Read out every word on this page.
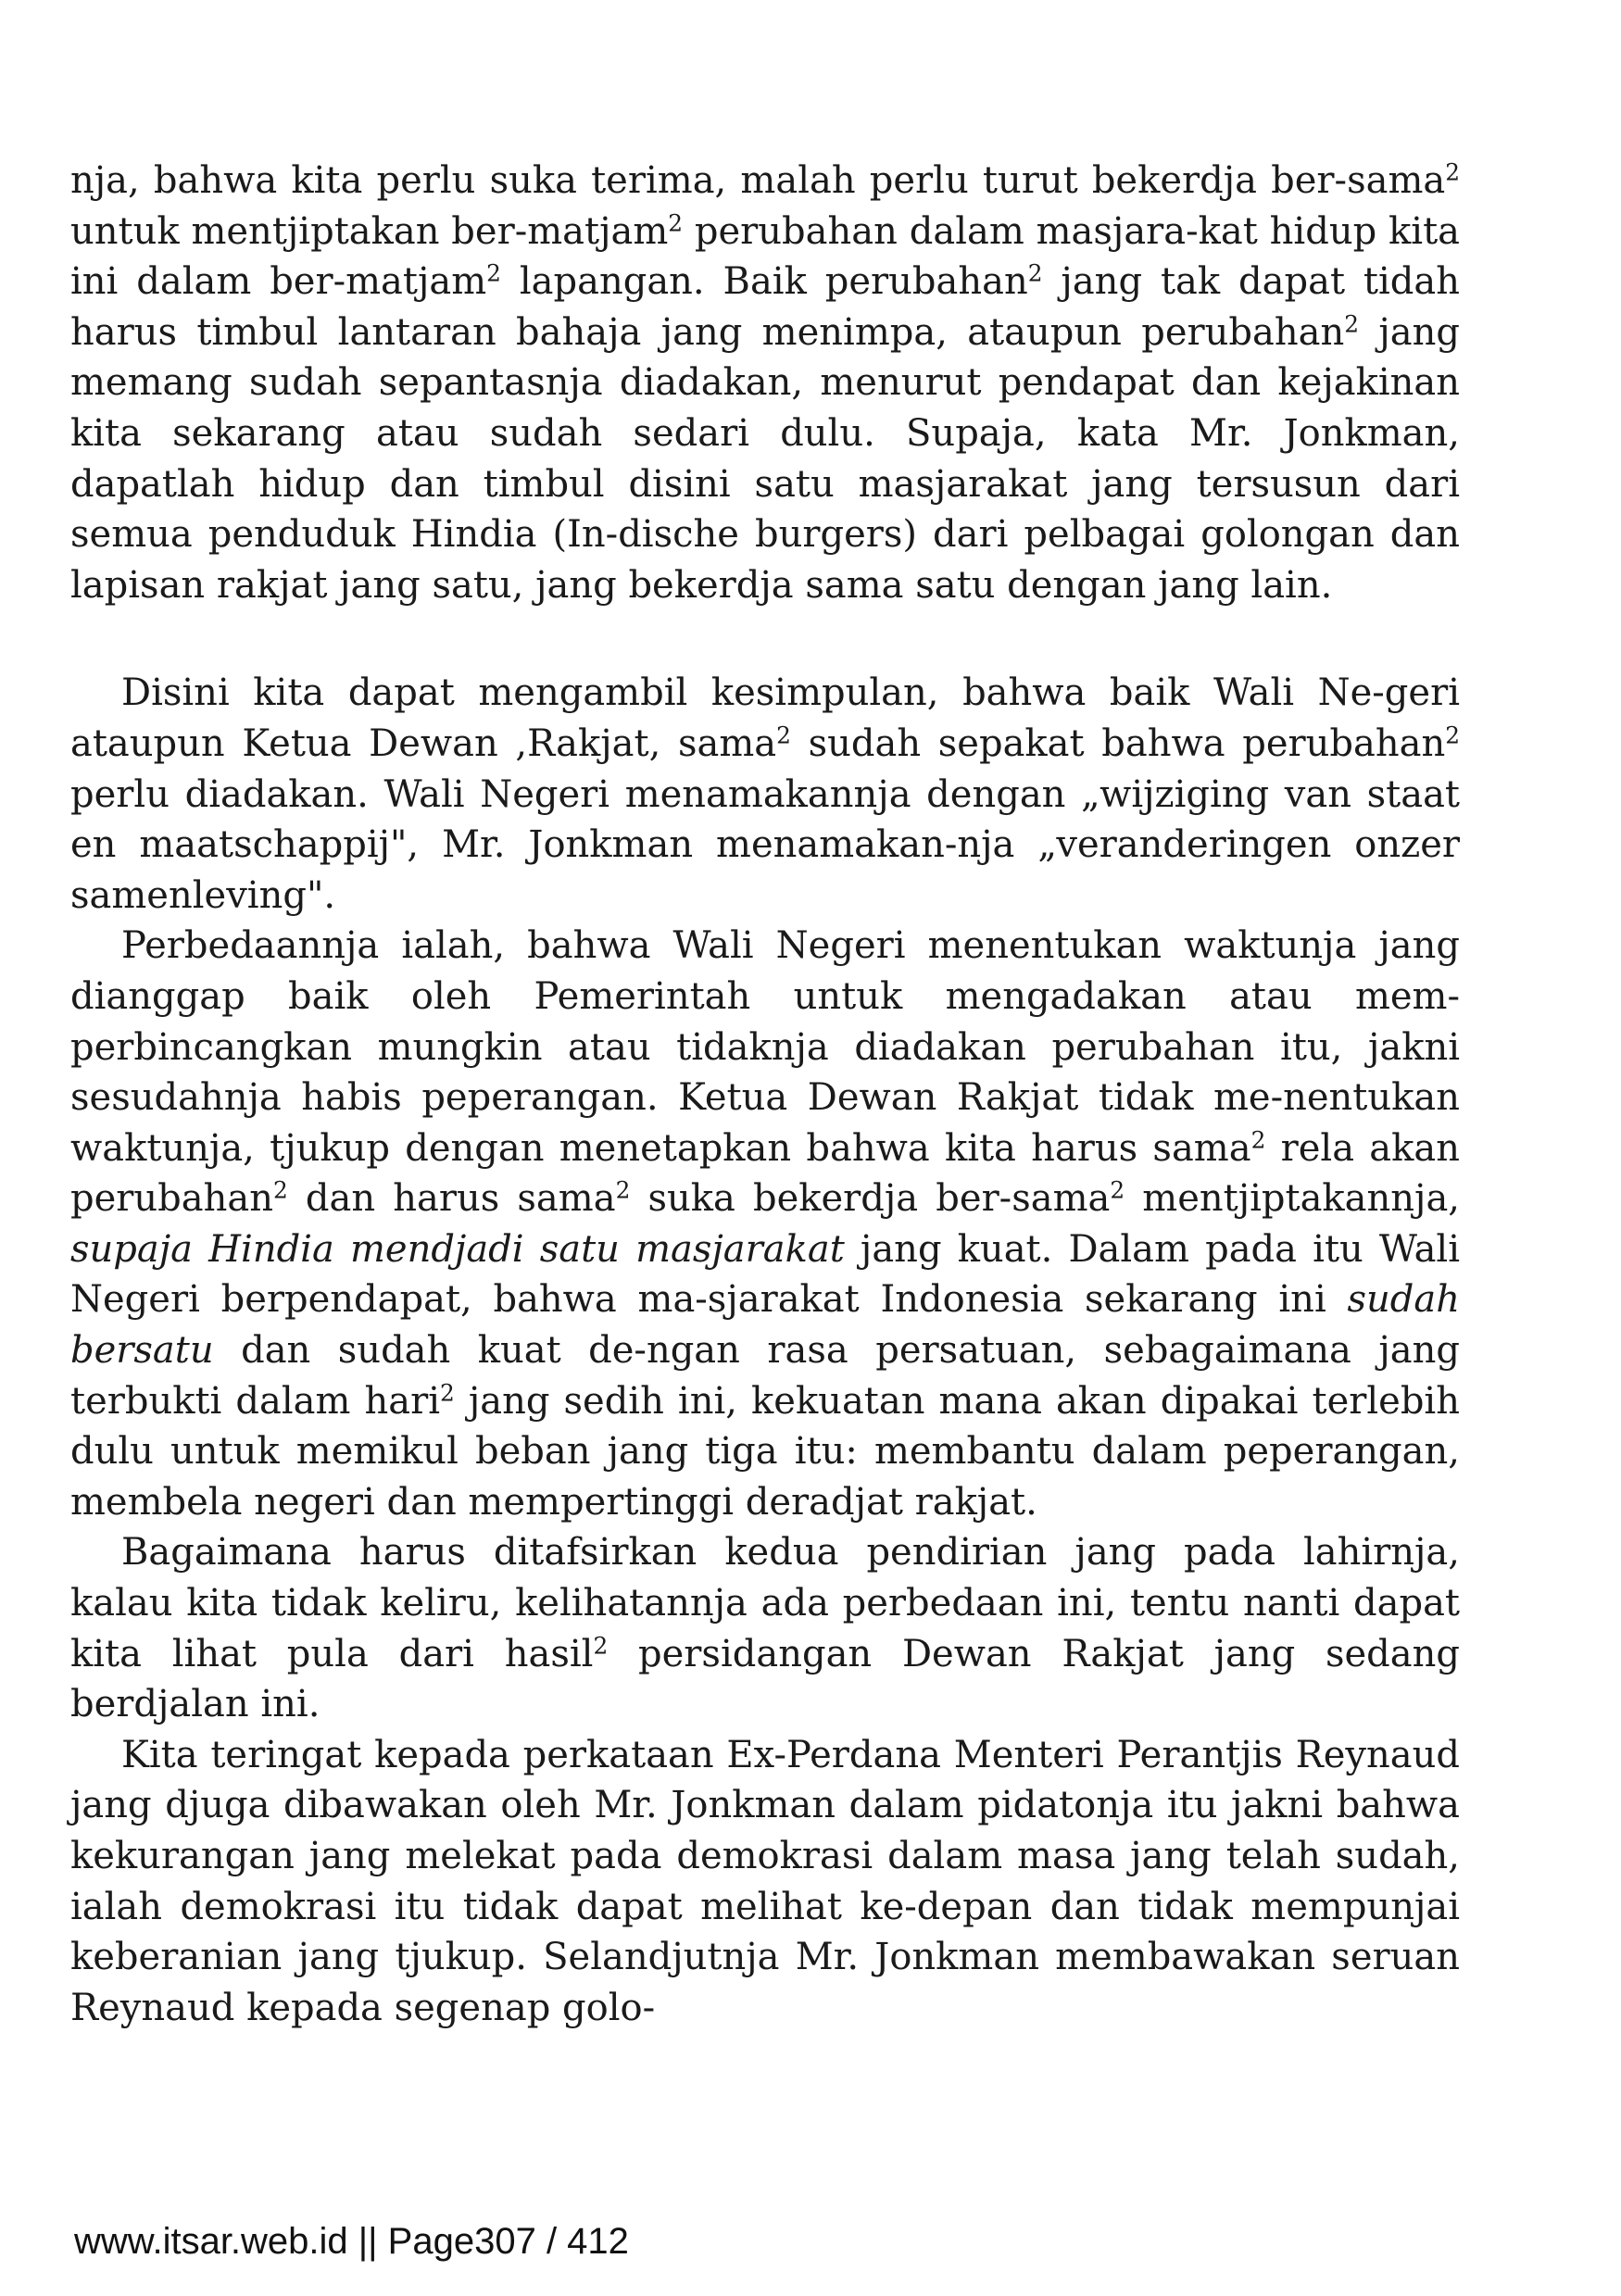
nja, bahwa kita perlu suka terima, malah perlu turut bekerdja ber-sama$^2$ untuk mentjiptakan ber-matjam$^2$ perubahan dalam masjara-kat hidup kita ini dalam ber-matjam$^2$ lapangan. Baik perubahan$^2$ jang tak dapat tidah harus timbul lantaran bahaja jang menimpa, ataupun perubahan$^2$ jang memang sudah sepantasnja diadakan, menurut pendapat dan kejakinan kita sekarang atau sudah sedari dulu. Supaja, kata Mr. Jonkman, dapatlah hidup dan timbul disini satu masjarakat jang tersusun dari semua penduduk Hindia (In-dische burgers) dari pelbagai golongan dan lapisan rakjat jang satu, jang bekerdja sama satu dengan jang lain.

Disini kita dapat mengambil kesimpulan, bahwa baik Wali Ne-geri ataupun Ketua Dewan ,Rakjat, sama$^2$ sudah sepakat bahwa perubahan$^2$ perlu diadakan. Wali Negeri menamakannja dengan „wijziging van staat en maatschappij", Mr. Jonkman menamakan-nja „veranderingen onzer samenleving".

Perbedaannja ialah, bahwa Wali Negeri menentukan waktunja jang dianggap baik oleh Pemerintah untuk mengadakan atau mem-perbincangkan mungkin atau tidaknja diadakan perubahan itu, jakni sesudahnja habis peperangan. Ketua Dewan Rakjat tidak me-nentukan waktunja, tjukup dengan menetapkan bahwa kita harus sama$^2$ rela akan perubahan$^2$ dan harus sama$^2$ suka bekerdja ber-sama$^2$ mentjiptakannja, supaja Hindia mendjadi satu masjarakat jang kuat. Dalam pada itu Wali Negeri berpendapat, bahwa ma-sjarakat Indonesia sekarang ini sudah bersatu dan sudah kuat de-ngan rasa persatuan, sebagaimana jang terbukti dalam hari$^2$ jang sedih ini, kekuatan mana akan dipakai terlebih dulu untuk memikul beban jang tiga itu: membantu dalam peperangan, membela negeri dan mempertinggi deradjat rakjat.

Bagaimana harus ditafsirkan kedua pendirian jang pada lahirnja, kalau kita tidak keliru, kelihatannja ada perbedaan ini, tentu nanti dapat kita lihat pula dari hasil$^2$ persidangan Dewan Rakjat jang sedang berdjalan ini.

Kita teringat kepada perkataan Ex-Perdana Menteri Perantjis Reynaud jang djuga dibawakan oleh Mr. Jonkman dalam pidatonja itu jakni bahwa kekurangan jang melekat pada demokrasi dalam masa jang telah sudah, ialah demokrasi itu tidak dapat melihat ke-depan dan tidak mempunjai keberanian jang tjukup. Selandjutnja Mr. Jonkman membawakan seruan Reynaud kepada segenap golo-

www.itsar.web.id || Page307 / 412
